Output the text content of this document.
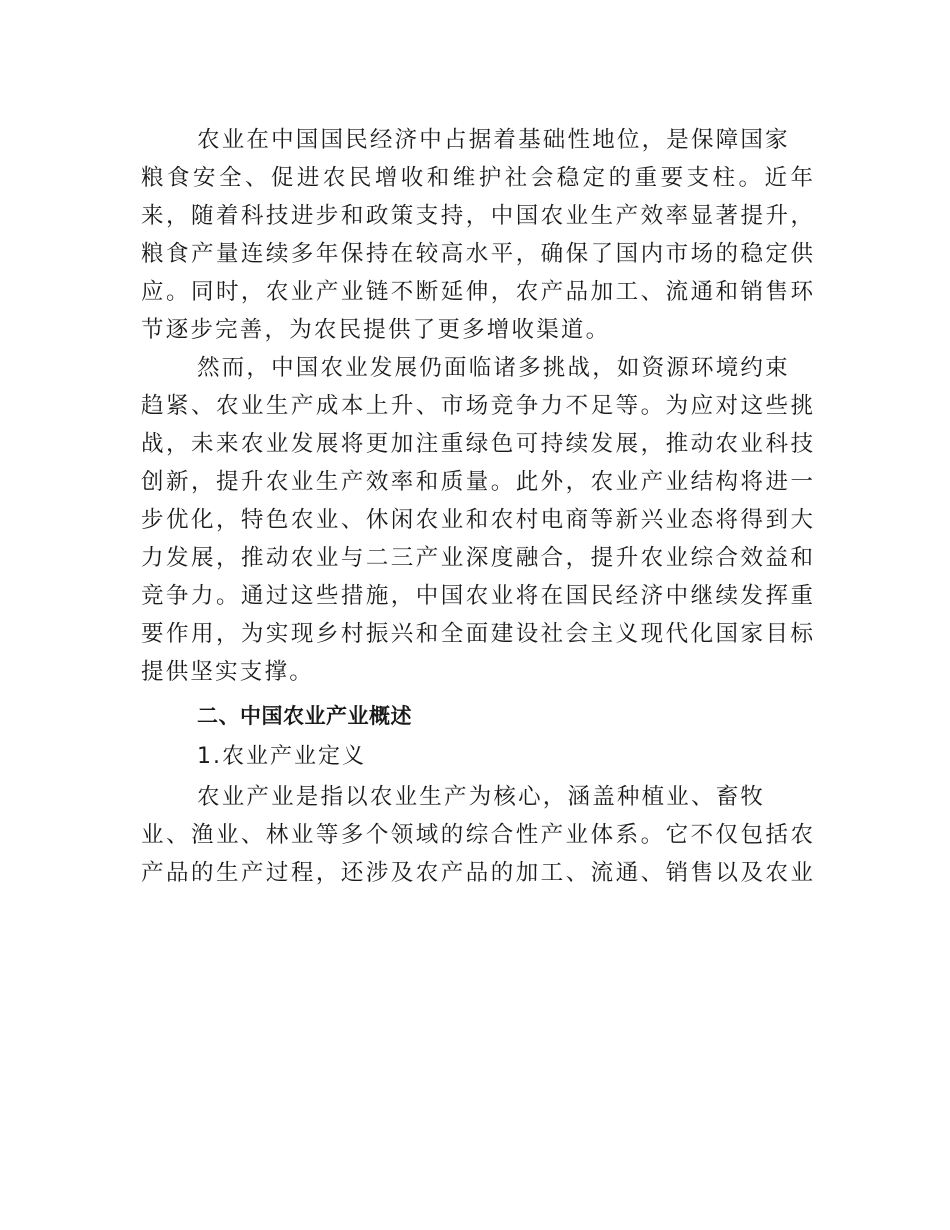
农业在中国国民经济中占据着基础性地位，是保障国家
粮食安全、促进农民增收和维护社会稳定的重要支柱。近年
来，随着科技进步和政策支持，中国农业生产效率显著提升，
粮食产量连续多年保持在较高水平，确保了国内市场的稳定供
应。同时，农业产业链不断延伸，农产品加工、流通和销售环
节逐步完善，为农民提供了更多增收渠道。
然而，中国农业发展仍面临诸多挑战，如资源环境约束
趋紧、农业生产成本上升、市场竞争力不足等。为应对这些挑
战，未来农业发展将更加注重绿色可持续发展，推动农业科技
创新，提升农业生产效率和质量。此外，农业产业结构将进一
步优化，特色农业、休闲农业和农村电商等新兴业态将得到大
力发展，推动农业与二三产业深度融合，提升农业综合效益和
竞争力。通过这些措施，中国农业将在国民经济中继续发挥重
要作用，为实现乡村振兴和全面建设社会主义现代化国家目标
提供坚实支撑。
二、中国农业产业概述
1.农业产业定义
农业产业是指以农业生产为核心，涵盖种植业、畜牧
业、渔业、林业等多个领域的综合性产业体系。它不仅包括农
产品的生产过程，还涉及农产品的加工、流通、销售以及农业
